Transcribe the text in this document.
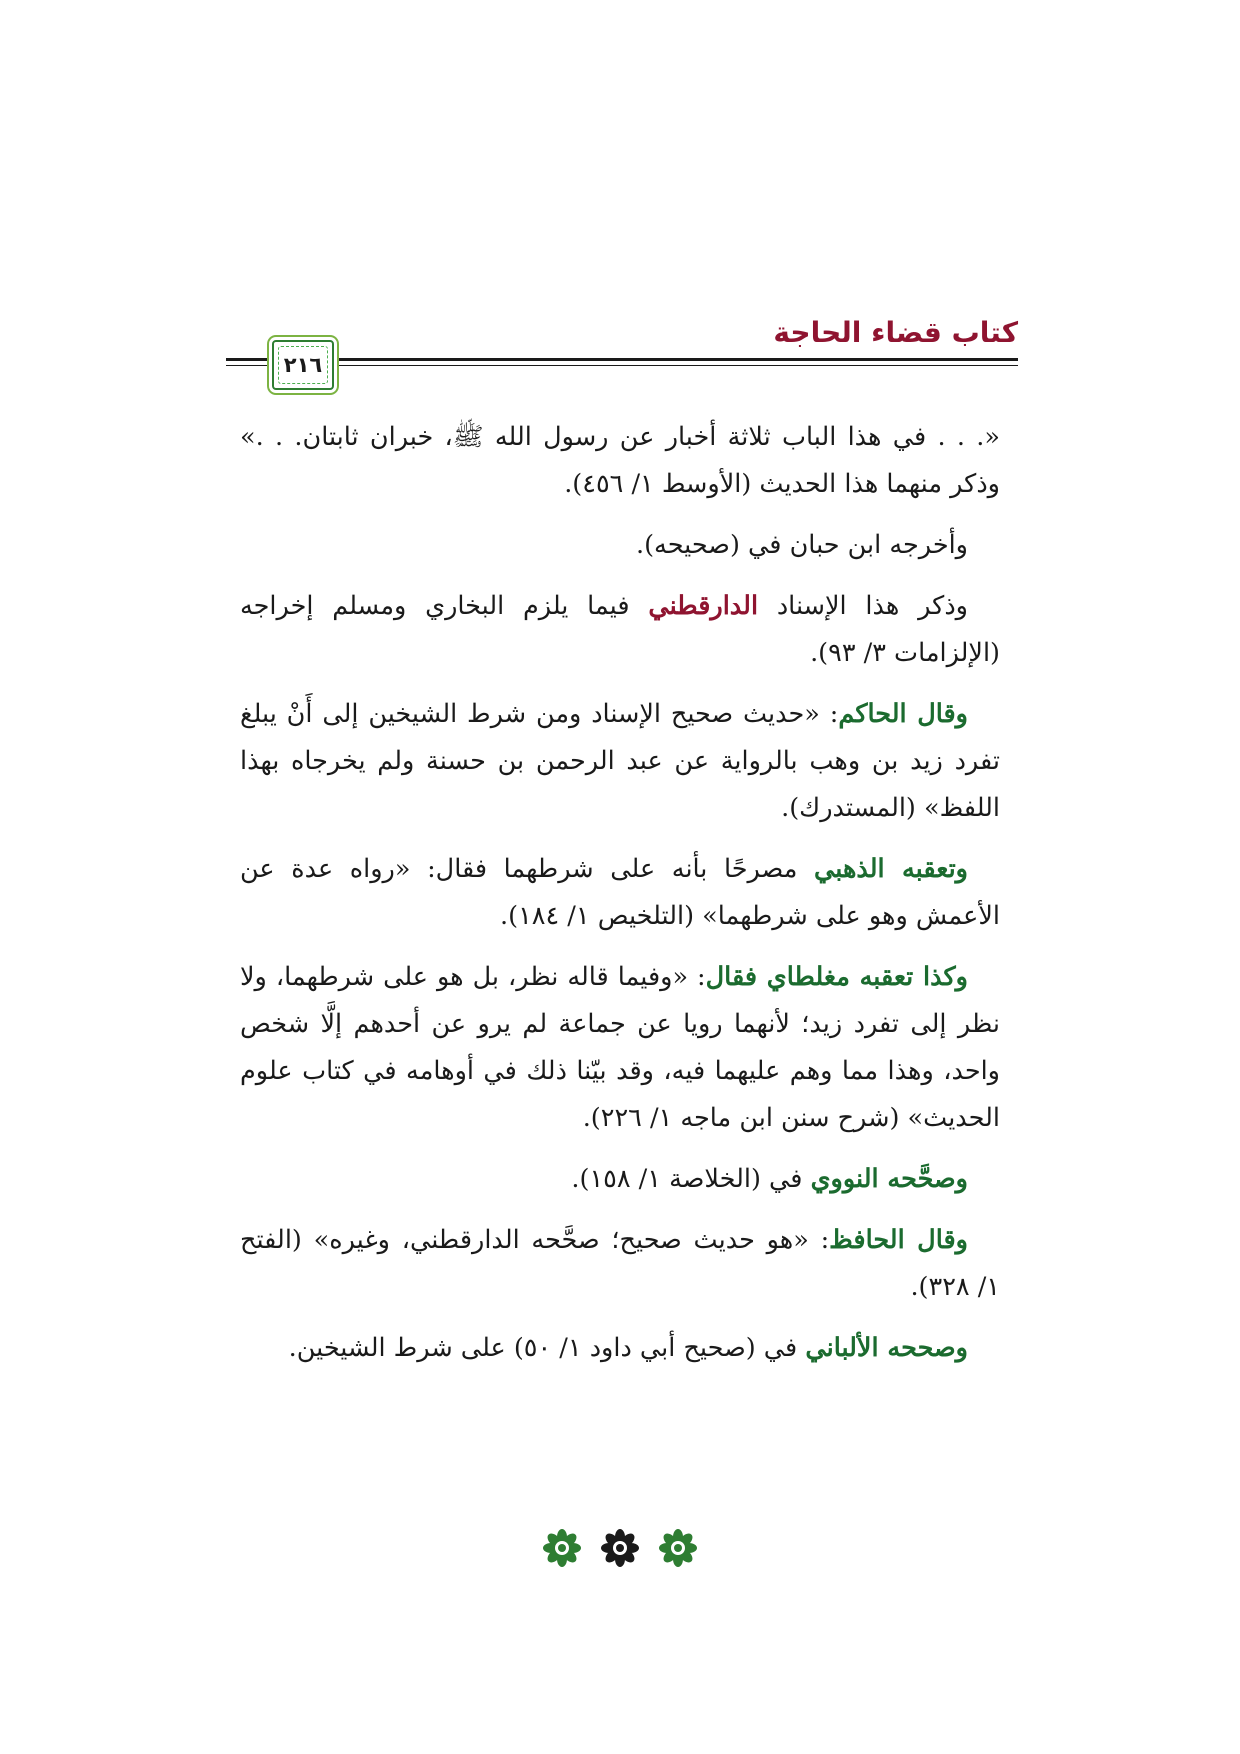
كتاب قضاء الحاجة
٢١٦

«. . . في هذا الباب ثلاثة أخبار عن رسول الله ﷺ، خبران ثابتان. . .» وذكر منهما هذا الحديث (الأوسط ١/ ٤٥٦).

وأخرجه ابن حبان في (صحيحه).

وذكر هذا الإسناد الدارقطني فيما يلزم البخاري ومسلم إخراجه (الإلزامات ٣/ ٩٣).

وقال الحاكم: «حديث صحيح الإسناد ومن شرط الشيخين إلى أَنْ يبلغ تفرد زيد بن وهب بالرواية عن عبد الرحمن بن حسنة ولم يخرجاه بهذا اللفظ» (المستدرك).

وتعقبه الذهبي مصرحًا بأنه على شرطهما فقال: «رواه عدة عن الأعمش وهو على شرطهما» (التلخيص ١/ ١٨٤).

وكذا تعقبه مغلطاي فقال: «وفيما قاله نظر، بل هو على شرطهما، ولا نظر إلى تفرد زيد؛ لأنهما رويا عن جماعة لم يرو عن أحدهم إلَّا شخص واحد، وهذا مما وهم عليهما فيه، وقد بيّنا ذلك في أوهامه في كتاب علوم الحديث» (شرح سنن ابن ماجه ١/ ٢٢٦).

وصحَّحه النووي في (الخلاصة ١/ ١٥٨).

وقال الحافظ: «هو حديث صحيح؛ صحَّحه الدارقطني، وغيره» (الفتح ١/ ٣٢٨).

وصححه الألباني في (صحيح أبي داود ١/ ٥٠) على شرط الشيخين.
